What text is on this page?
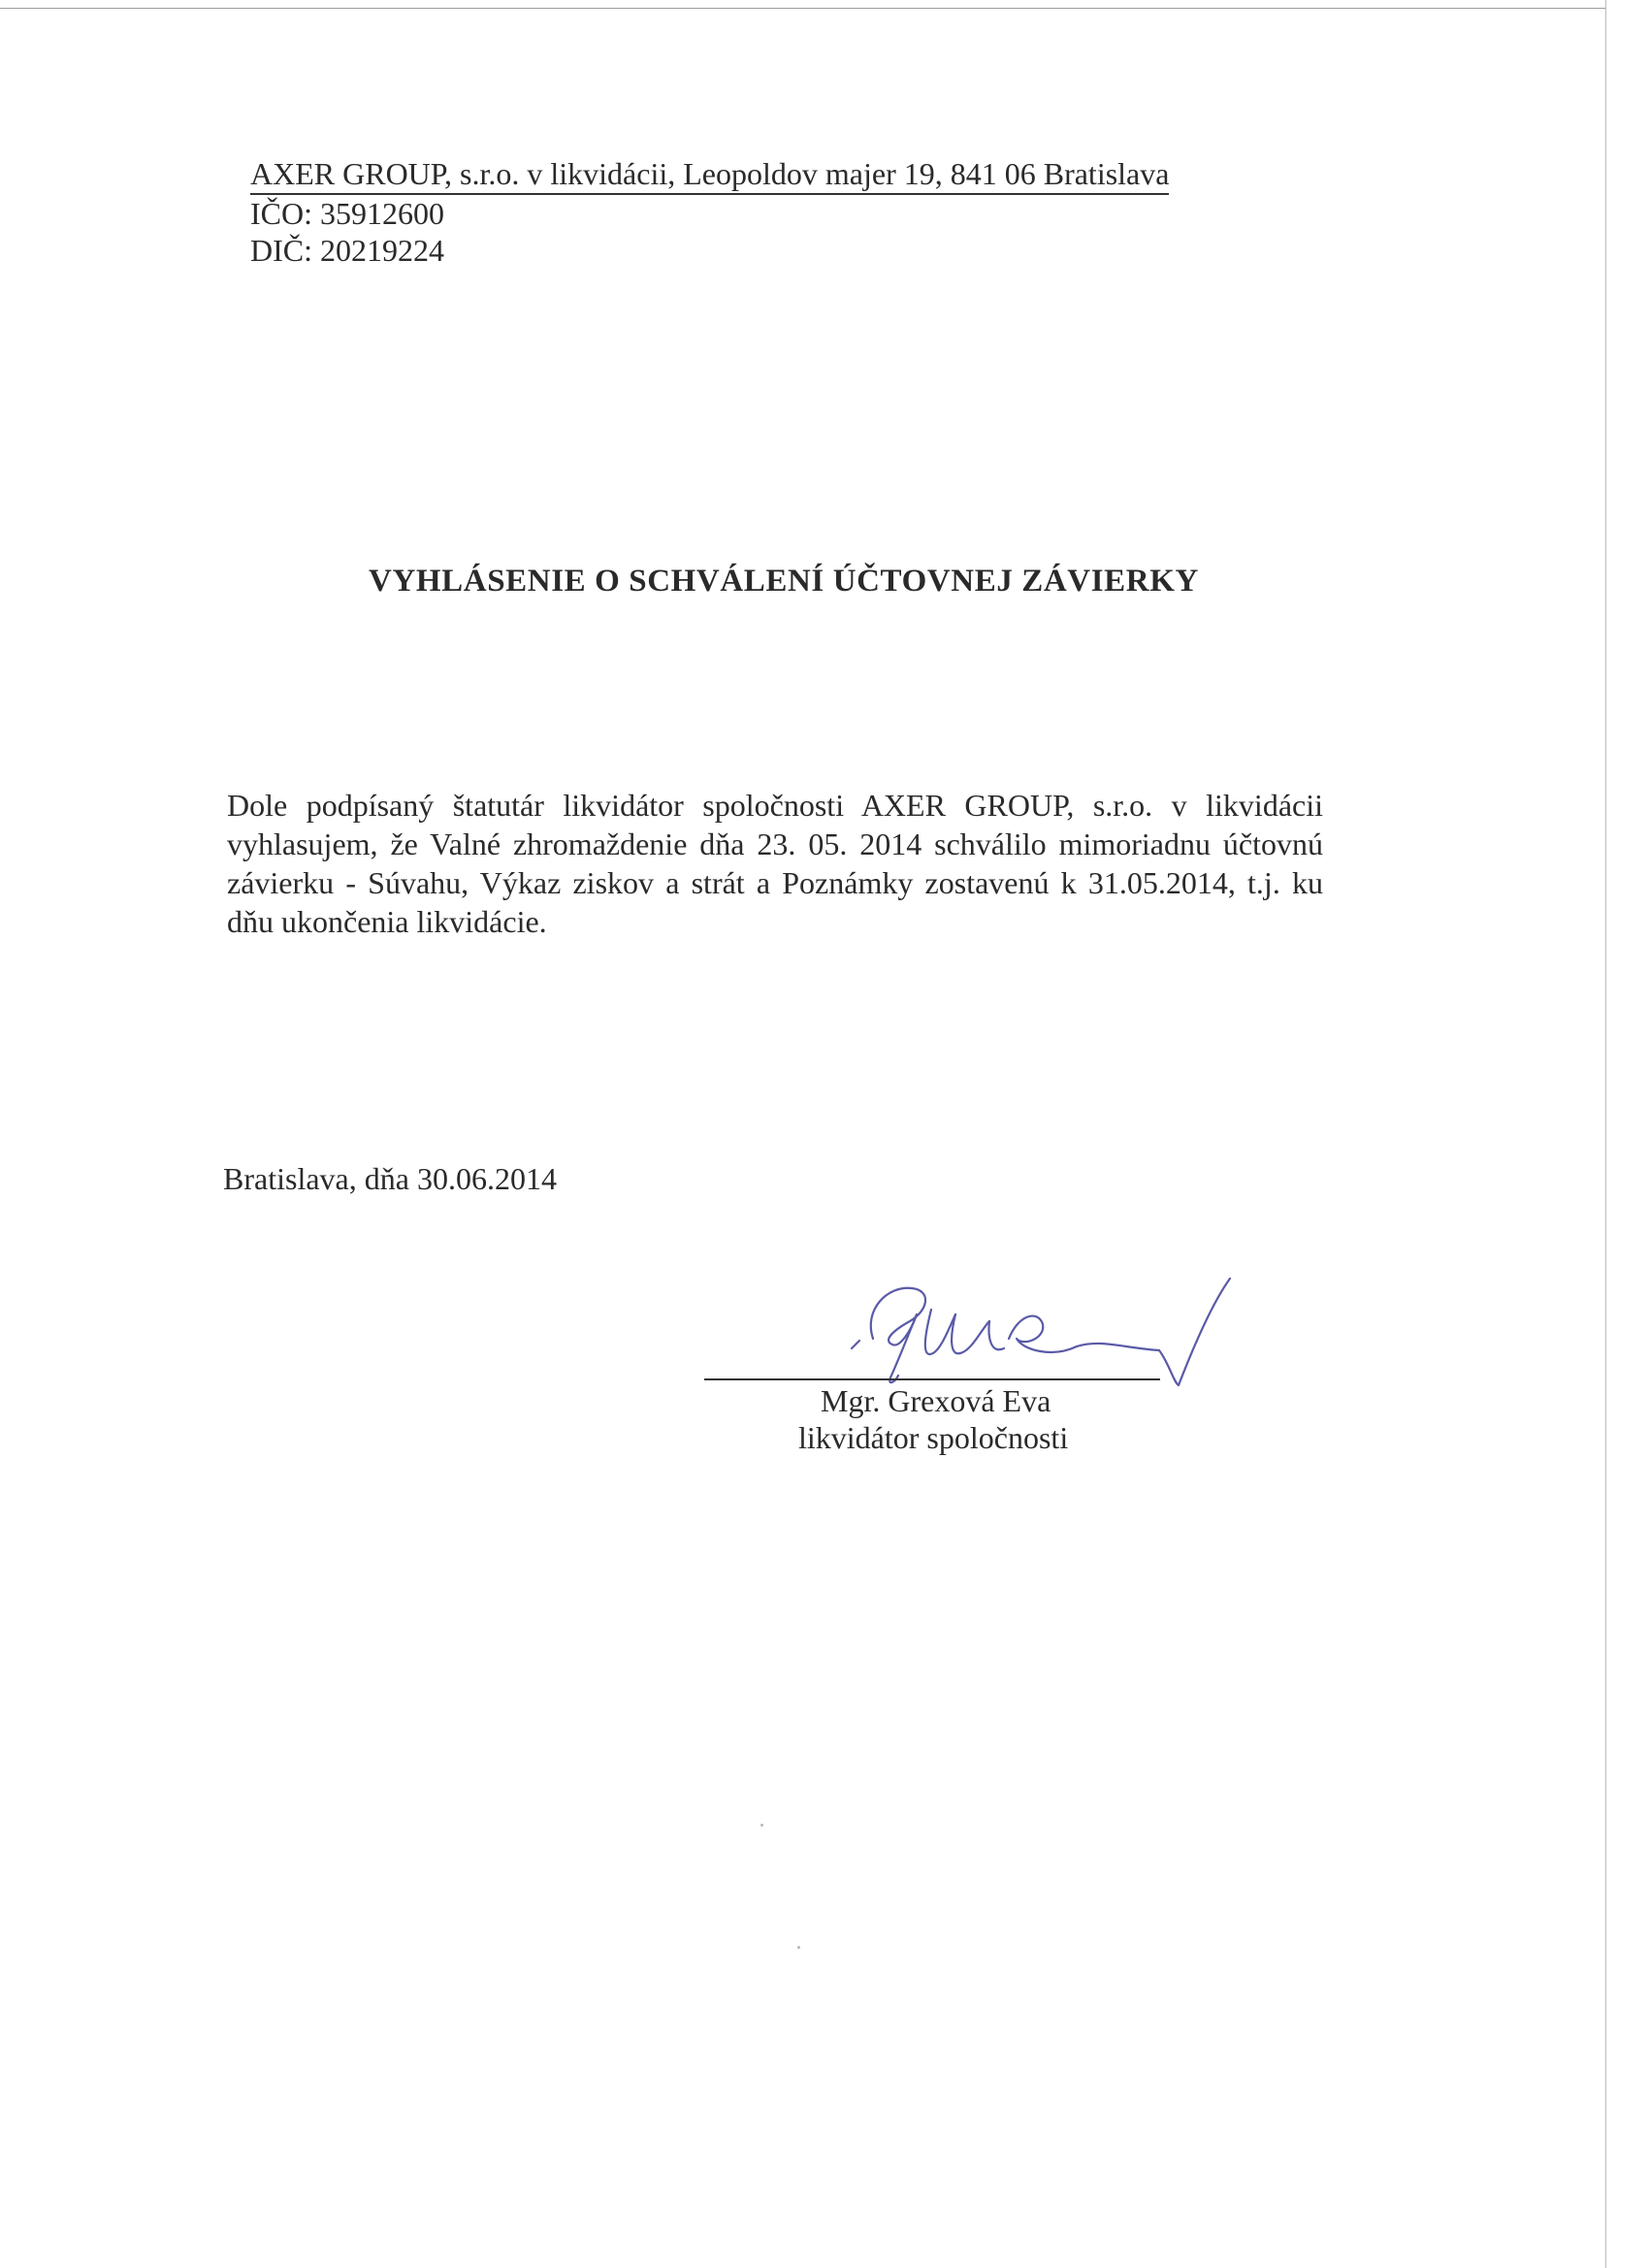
AXER GROUP, s.r.o. v likvidácii, Leopoldov majer 19, 841 06 Bratislava
IČO: 35912600
DIČ: 20219224
VYHLÁSENIE O SCHVÁLENÍ ÚČTOVNEJ ZÁVIERKY
Dole podpísaný štatutár likvidátor spoločnosti AXER GROUP, s.r.o. v likvidácii vyhlasujem, že Valné zhromaždenie dňa 23. 05. 2014 schválilo mimoriadnu účtovnú závierku - Súvahu, Výkaz ziskov a strát a Poznámky zostavenú k 31.05.2014, t.j. ku dňu ukončenia likvidácie.
Bratislava, dňa 30.06.2014
Mgr. Grexová Eva
likvidátor spoločnosti
